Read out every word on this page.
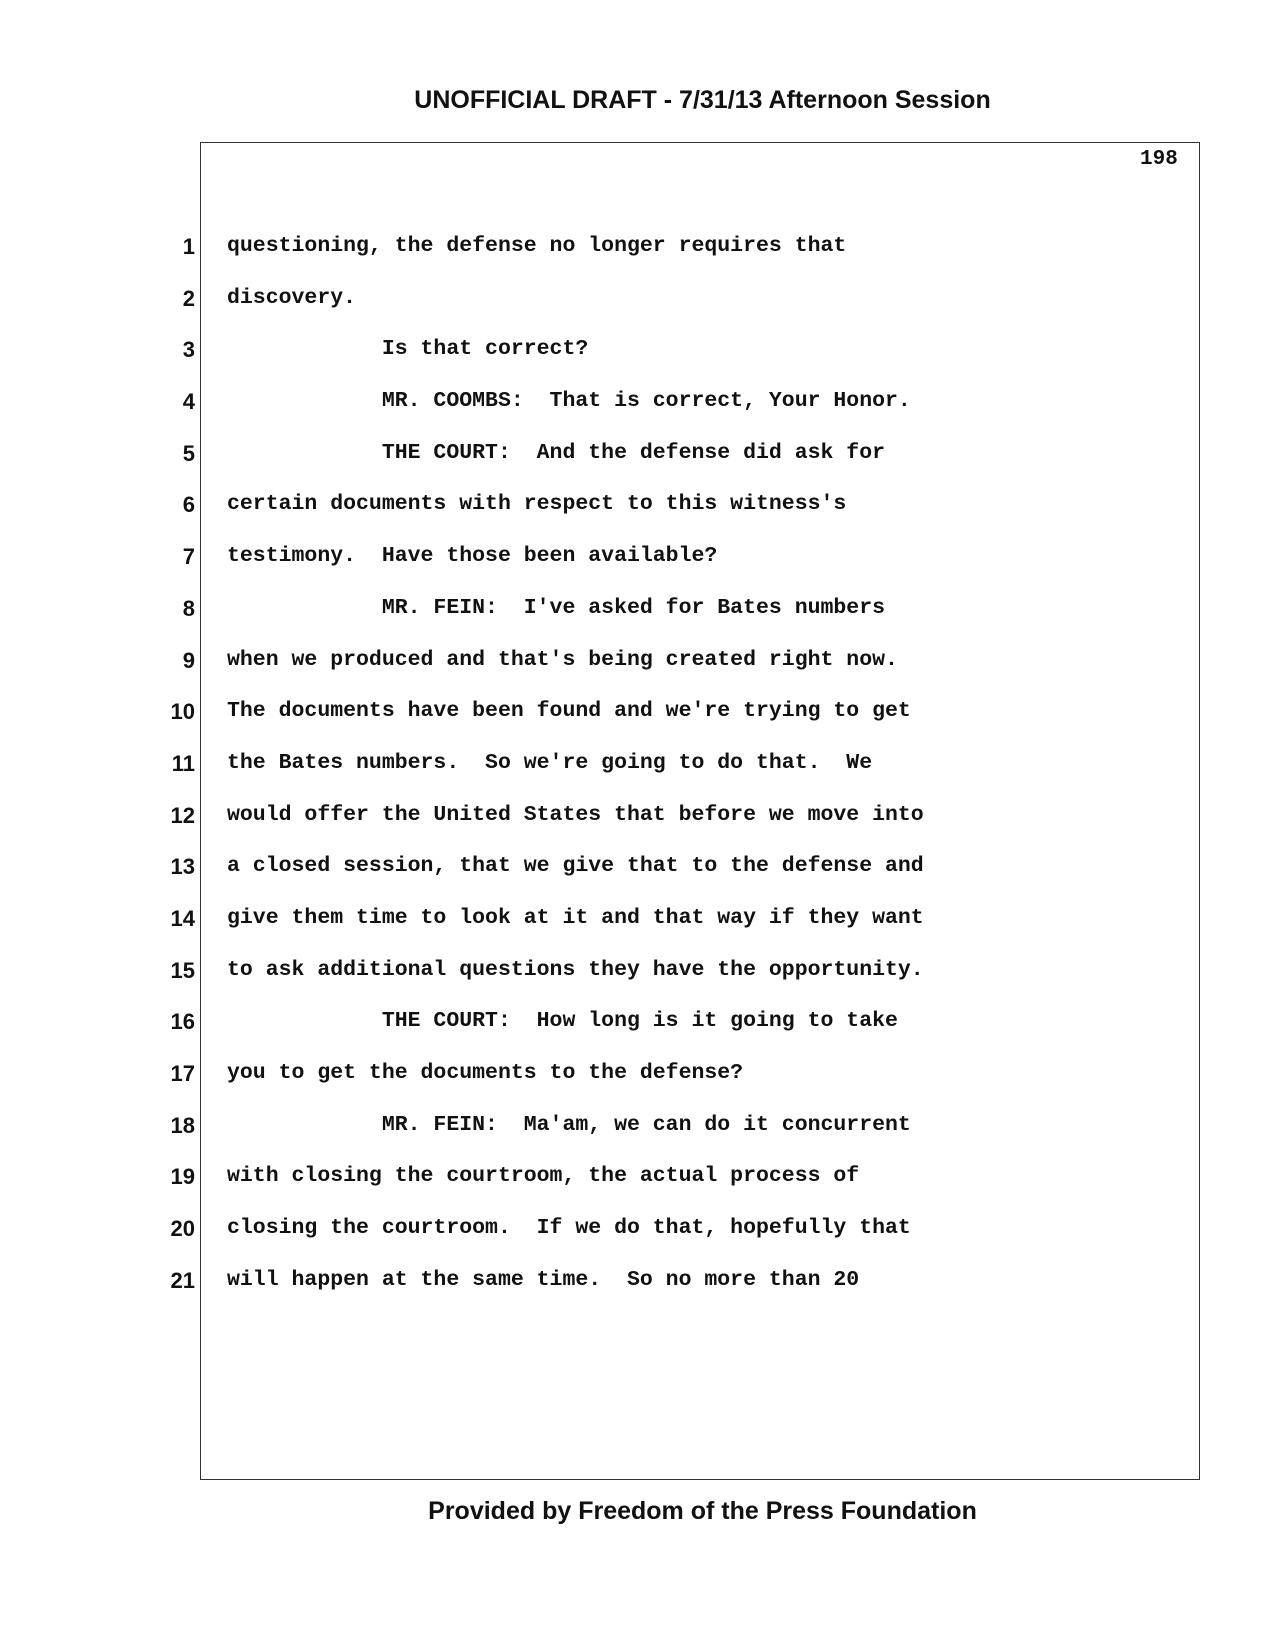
UNOFFICIAL DRAFT - 7/31/13 Afternoon Session
198
1 questioning, the defense no longer requires that
2 discovery.
3 Is that correct?
4 MR. COOMBS:  That is correct, Your Honor.
5 THE COURT:  And the defense did ask for
6 certain documents with respect to this witness's
7 testimony.  Have those been available?
8 MR. FEIN:  I've asked for Bates numbers
9 when we produced and that's being created right now.
10 The documents have been found and we're trying to get
11 the Bates numbers.  So we're going to do that.  We
12 would offer the United States that before we move into
13 a closed session, that we give that to the defense and
14 give them time to look at it and that way if they want
15 to ask additional questions they have the opportunity.
16 THE COURT:  How long is it going to take
17 you to get the documents to the defense?
18 MR. FEIN:  Ma'am, we can do it concurrent
19 with closing the courtroom, the actual process of
20 closing the courtroom.  If we do that, hopefully that
21 will happen at the same time.  So no more than 20
Provided by Freedom of the Press Foundation
